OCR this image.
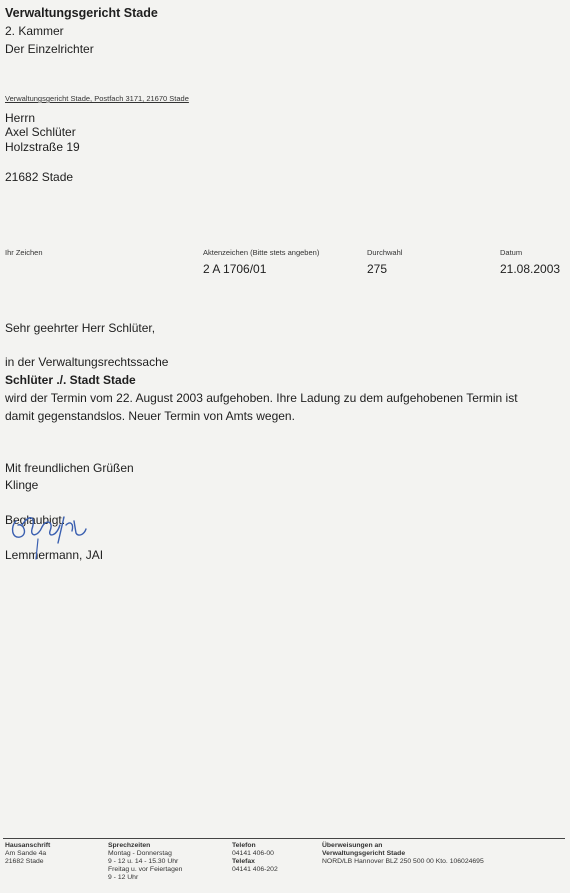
Verwaltungsgericht Stade
2. Kammer
Der Einzelrichter
Verwaltungsgericht Stade, Postfach 3171, 21670 Stade
Herrn
Axel Schlüter
Holzstraße 19
21682 Stade
Ihr Zeichen	Aktenzeichen (Bitte stets angeben)
2 A 1706/01
Durchwahl
275
Datum
21.08.2003
Sehr geehrter Herr Schlüter,
in der Verwaltungsrechtssache
Schlüter ./. Stadt Stade
wird der Termin vom 22. August 2003 aufgehoben. Ihre Ladung zu dem aufgehobenen Termin ist
damit gegenstandslos. Neuer Termin von Amts wegen.
Mit freundlichen Grüßen
Klinge
Beglaubigt:
Lemmermann, JAI
Hausanschrift
Am Sande 4a
21682 Stade
Sprechzeiten
Montag - Donnerstag
9 - 12 u. 14 - 15.30 Uhr
Freitag u. vor Feiertagen
9 - 12 Uhr
Telefon
04141 406-00
Telefax
04141 406-202
Überweisungen an
Verwaltungsgericht Stade
NORD/LB Hannover BLZ 250 500 00 Kto. 106024695
